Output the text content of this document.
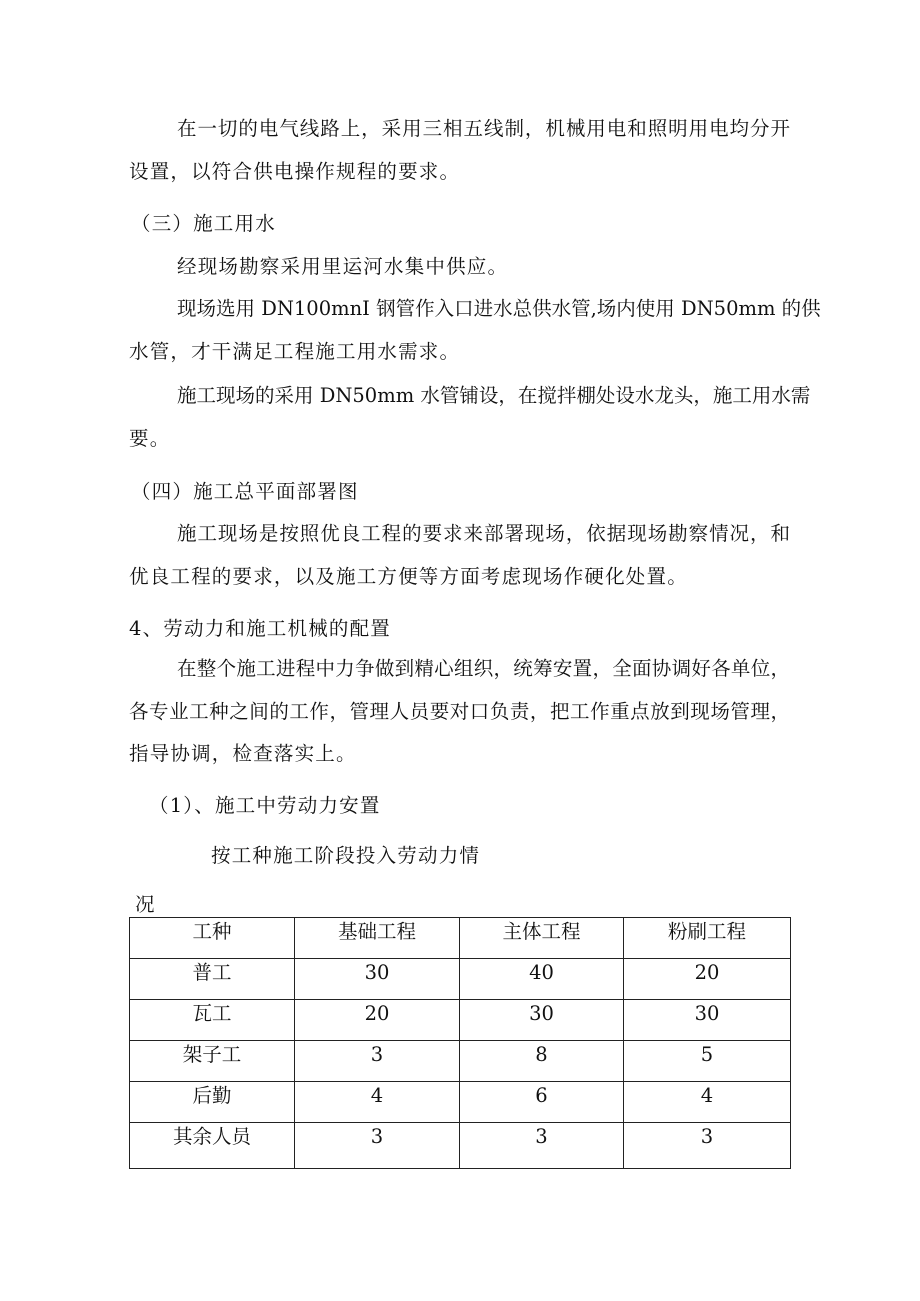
在一切的电气线路上，采用三相五线制，机械用电和照明用电均分开
设置，以符合供电操作规程的要求。
（三）施工用水
经现场勘察采用里运河水集中供应。
现场选用 DN100mnI 钢管作入口进水总供水管,场内使用 DN50mm 的供
水管，才干满足工程施工用水需求。
施工现场的采用 DN50mm 水管铺设，在搅拌棚处设水龙头，施工用水需
要。
（四）施工总平面部署图
施工现场是按照优良工程的要求来部署现场，依据现场勘察情况，和
优良工程的要求，以及施工方便等方面考虑现场作硬化处置。
4、劳动力和施工机械的配置
在整个施工进程中力争做到精心组织，统筹安置，全面协调好各单位，
各专业工种之间的工作，管理人员要对口负责，把工作重点放到现场管理，
指导协调，检查落实上。
（1）、施工中劳动力安置
按工种施工阶段投入劳动力情
况
工种	基础工程	主体工程	粉刷工程
普工	30	40	20
瓦工	20	30	30
架子工	3	8	5
后勤	4	6	4
其余人员	3	3	3
